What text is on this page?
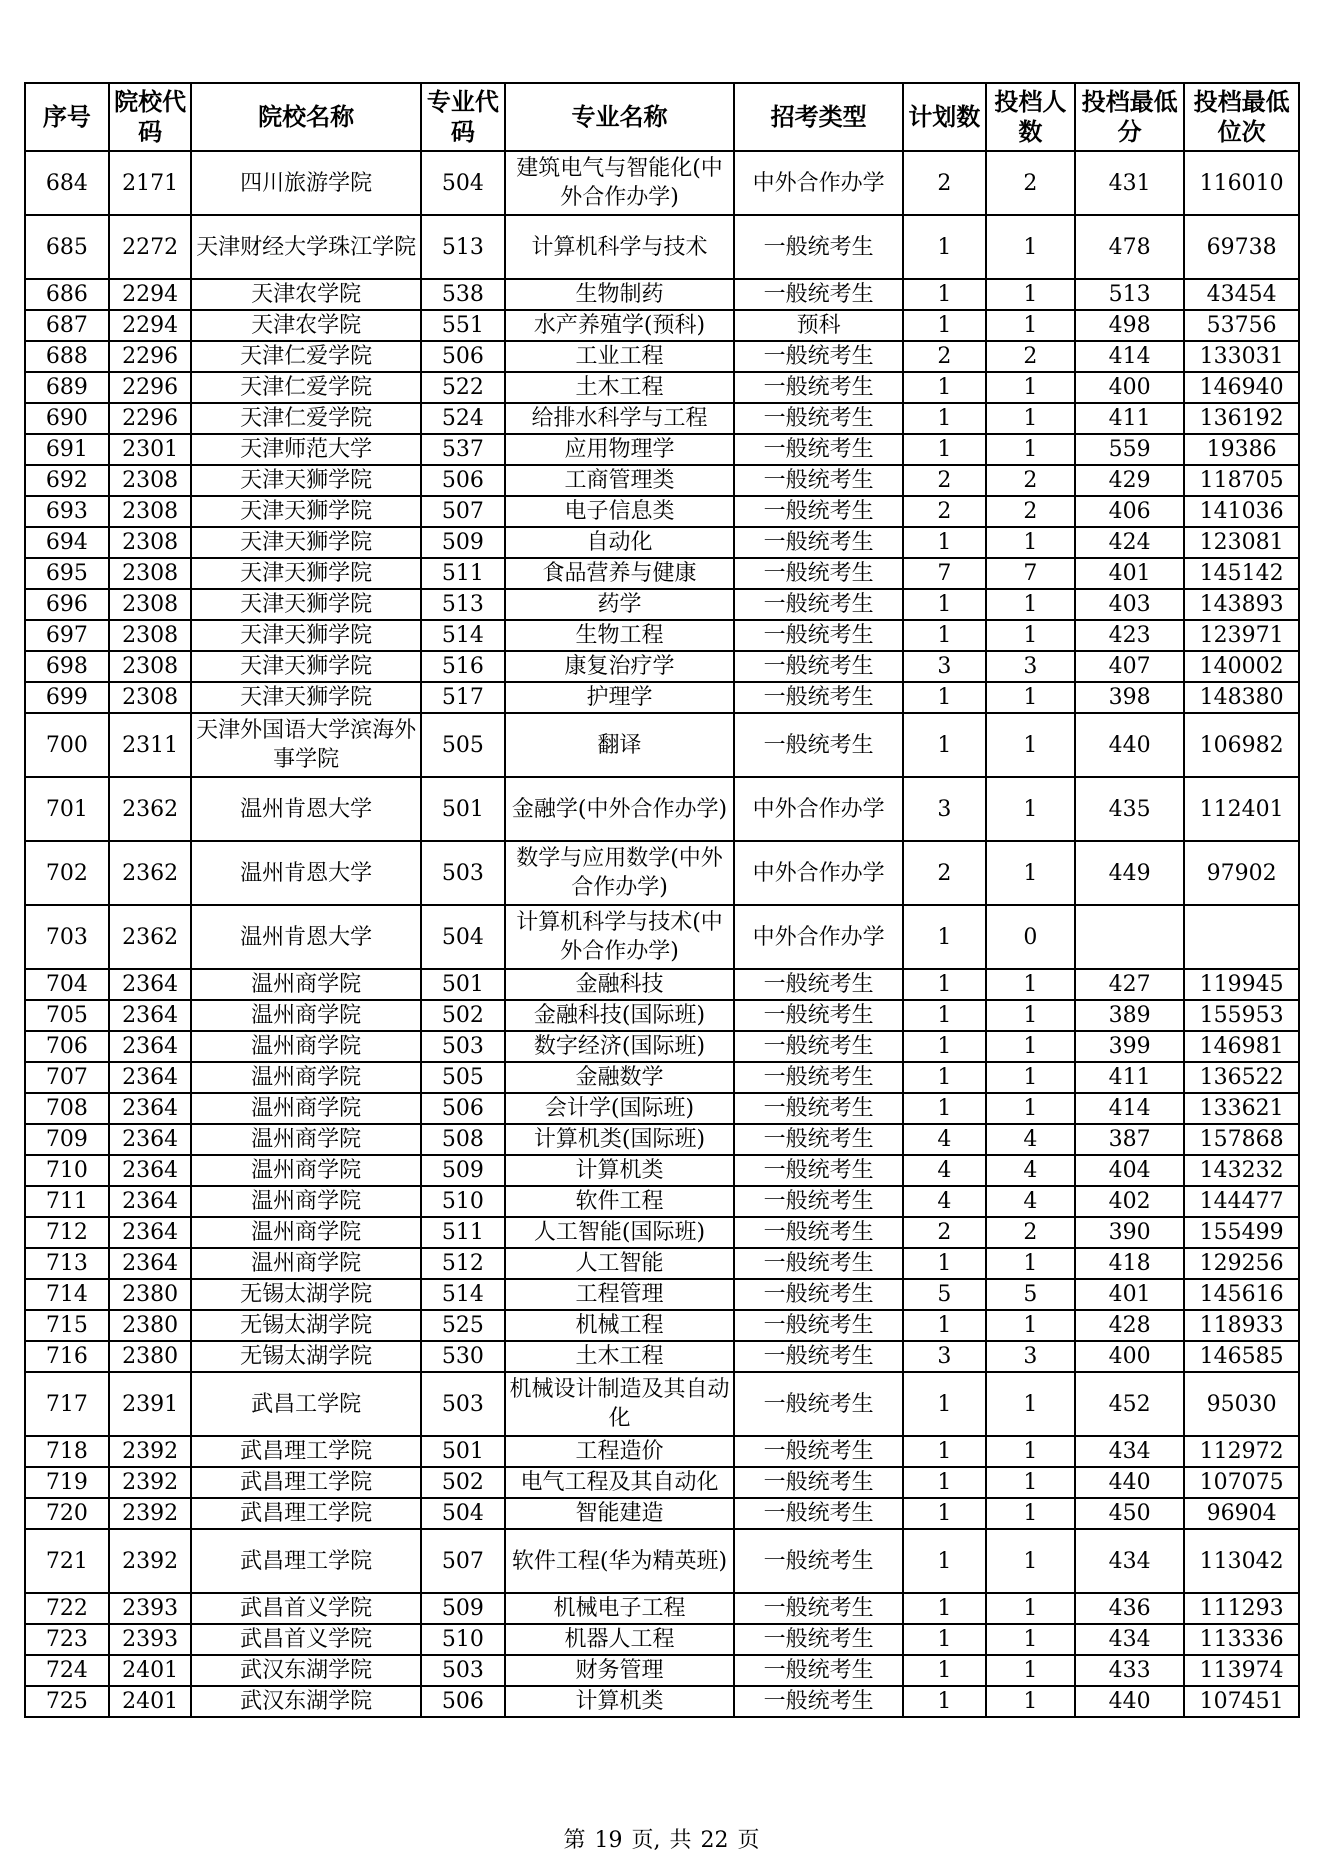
序号	院校代码	院校名称	专业代码	专业名称	招考类型	计划数	投档人数	投档最低分	投档最低位次
684	2171	四川旅游学院	504	建筑电气与智能化(中外合作办学)	中外合作办学	2	2	431	116010
685	2272	天津财经大学珠江学院	513	计算机科学与技术	一般统考生	1	1	478	69738
686	2294	天津农学院	538	生物制药	一般统考生	1	1	513	43454
687	2294	天津农学院	551	水产养殖学(预科)	预科	1	1	498	53756
688	2296	天津仁爱学院	506	工业工程	一般统考生	2	2	414	133031
689	2296	天津仁爱学院	522	土木工程	一般统考生	1	1	400	146940
690	2296	天津仁爱学院	524	给排水科学与工程	一般统考生	1	1	411	136192
691	2301	天津师范大学	537	应用物理学	一般统考生	1	1	559	19386
692	2308	天津天狮学院	506	工商管理类	一般统考生	2	2	429	118705
693	2308	天津天狮学院	507	电子信息类	一般统考生	2	2	406	141036
694	2308	天津天狮学院	509	自动化	一般统考生	1	1	424	123081
695	2308	天津天狮学院	511	食品营养与健康	一般统考生	7	7	401	145142
696	2308	天津天狮学院	513	药学	一般统考生	1	1	403	143893
697	2308	天津天狮学院	514	生物工程	一般统考生	1	1	423	123971
698	2308	天津天狮学院	516	康复治疗学	一般统考生	3	3	407	140002
699	2308	天津天狮学院	517	护理学	一般统考生	1	1	398	148380
700	2311	天津外国语大学滨海外事学院	505	翻译	一般统考生	1	1	440	106982
701	2362	温州肯恩大学	501	金融学(中外合作办学)	中外合作办学	3	1	435	112401
702	2362	温州肯恩大学	503	数学与应用数学(中外合作办学)	中外合作办学	2	1	449	97902
703	2362	温州肯恩大学	504	计算机科学与技术(中外合作办学)	中外合作办学	1	0		
704	2364	温州商学院	501	金融科技	一般统考生	1	1	427	119945
705	2364	温州商学院	502	金融科技(国际班)	一般统考生	1	1	389	155953
706	2364	温州商学院	503	数字经济(国际班)	一般统考生	1	1	399	146981
707	2364	温州商学院	505	金融数学	一般统考生	1	1	411	136522
708	2364	温州商学院	506	会计学(国际班)	一般统考生	1	1	414	133621
709	2364	温州商学院	508	计算机类(国际班)	一般统考生	4	4	387	157868
710	2364	温州商学院	509	计算机类	一般统考生	4	4	404	143232
711	2364	温州商学院	510	软件工程	一般统考生	4	4	402	144477
712	2364	温州商学院	511	人工智能(国际班)	一般统考生	2	2	390	155499
713	2364	温州商学院	512	人工智能	一般统考生	1	1	418	129256
714	2380	无锡太湖学院	514	工程管理	一般统考生	5	5	401	145616
715	2380	无锡太湖学院	525	机械工程	一般统考生	1	1	428	118933
716	2380	无锡太湖学院	530	土木工程	一般统考生	3	3	400	146585
717	2391	武昌工学院	503	机械设计制造及其自动化	一般统考生	1	1	452	95030
718	2392	武昌理工学院	501	工程造价	一般统考生	1	1	434	112972
719	2392	武昌理工学院	502	电气工程及其自动化	一般统考生	1	1	440	107075
720	2392	武昌理工学院	504	智能建造	一般统考生	1	1	450	96904
721	2392	武昌理工学院	507	软件工程(华为精英班)	一般统考生	1	1	434	113042
722	2393	武昌首义学院	509	机械电子工程	一般统考生	1	1	436	111293
723	2393	武昌首义学院	510	机器人工程	一般统考生	1	1	434	113336
724	2401	武汉东湖学院	503	财务管理	一般统考生	1	1	433	113974
725	2401	武汉东湖学院	506	计算机类	一般统考生	1	1	440	107451
第 19 页, 共 22 页
